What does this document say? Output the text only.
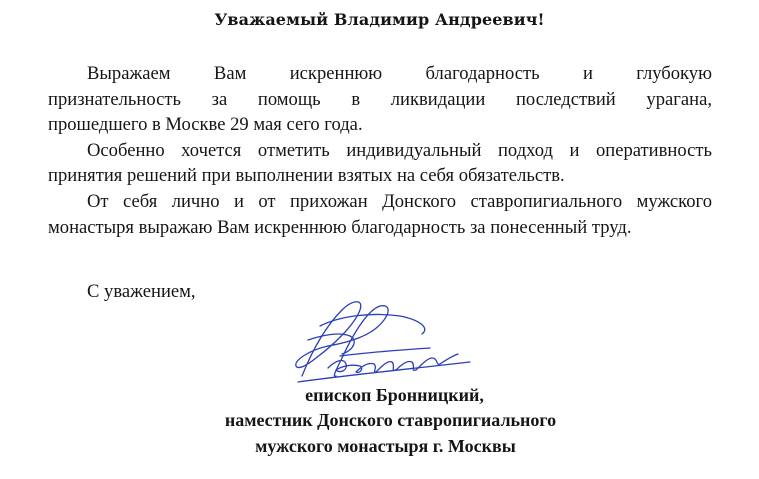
Уважаемый Владимир Андреевич!

Выражаем Вам искреннюю благодарность и глубокую
признательность за помощь в ликвидации последствий урагана,
прошедшего в Москве 29 мая сего года.

Особенно хочется отметить индивидуальный подход и оперативность
принятия решений при выполнении взятых на себя обязательств.

От себя лично и от прихожан Донского ставропигиального мужского
монастыря выражаю Вам искреннюю благодарность за понесенный труд.

С уважением,
епископ Бронницкий,
наместник Донского ставропигиального
мужского монастыря г. Москвы
